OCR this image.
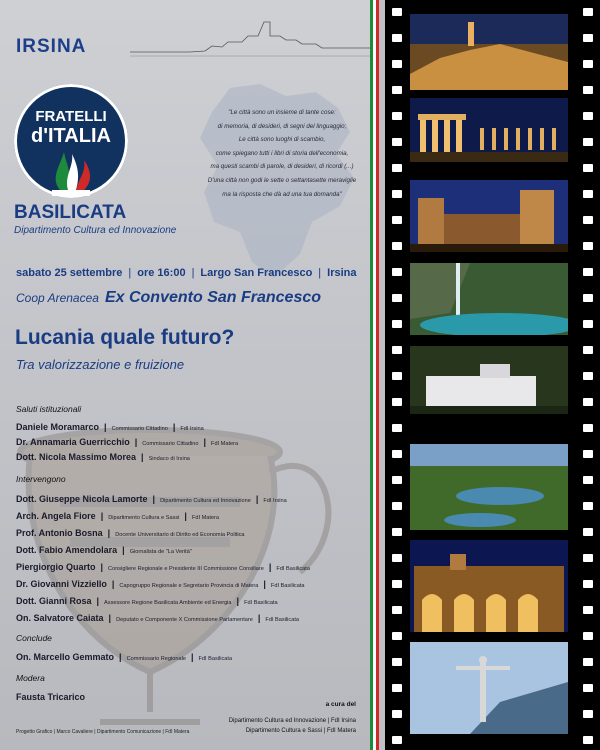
IRSINA
"Le città sono un insieme di tante cose:
di memoria, di desideri, di segni del linguaggio;
Le città sono luoghi di scambio,
come spiegano tutti i libri di storia dell'economia,
ma questi scambi di parole, di desideri, di ricordi (...)
D'una città non godi le sette o settantasette meraviglie
ma la risposta che dà ad una tua domanda"
FRATELLI
d'ITALIA
BASILICATA
Dipartimento Cultura ed Innovazione
sabato 25 settembre | ore 16:00 | Largo San Francesco | Irsina
Coop Arenacea Ex Convento San Francesco
Lucania quale futuro?
Tra valorizzazione e fruizione
Saluti istituzionali
Daniele Moramarco | Commissario Cittadino | FdI Irsina
Dr. Annamaria Guerricchio | Commissario Cittadino | FdI Matera
Dott. Nicola Massimo Morea | Sindaco di Irsina
Intervengono
Dott. Giuseppe Nicola Lamorte | Dipartimento Cultura ed Innovazione | FdI Irsina
Arch. Angela Fiore | Dipartimento Cultura e Sassi | FdI Matera
Prof. Antonio Bosna | Docente Universitario di Diritto ed Economia Politica
Dott. Fabio Amendolara | Giornalista de "La Verità"
Piergiorgio Quarto | Consigliere Regionale e Presidente III Commissione Consiliare | FdI Basilicata
Dr. Giovanni Vizziello | Capogruppo Regionale e Segretario Provincia di Matera | FdI Basilicata
Dott. Gianni Rosa | Assessore Regione Basilicata Ambiente ed Energia | FdI Basilicata
On. Salvatore Caiata | Deputato e Componente X Commissione Parlamentare | FdI Basilicata
Conclude
On. Marcello Gemmato | Commissario Regionale | FdI Basilicata
Modera
Fausta Tricarico
a cura del
Dipartimento Cultura ed Innovazione | FdI Irsina
Dipartimento Cultura e Sassi | FdI Matera
Progetto Grafico | Marco Cavaliere | Dipartimento Comunicazione | FdI Matera
